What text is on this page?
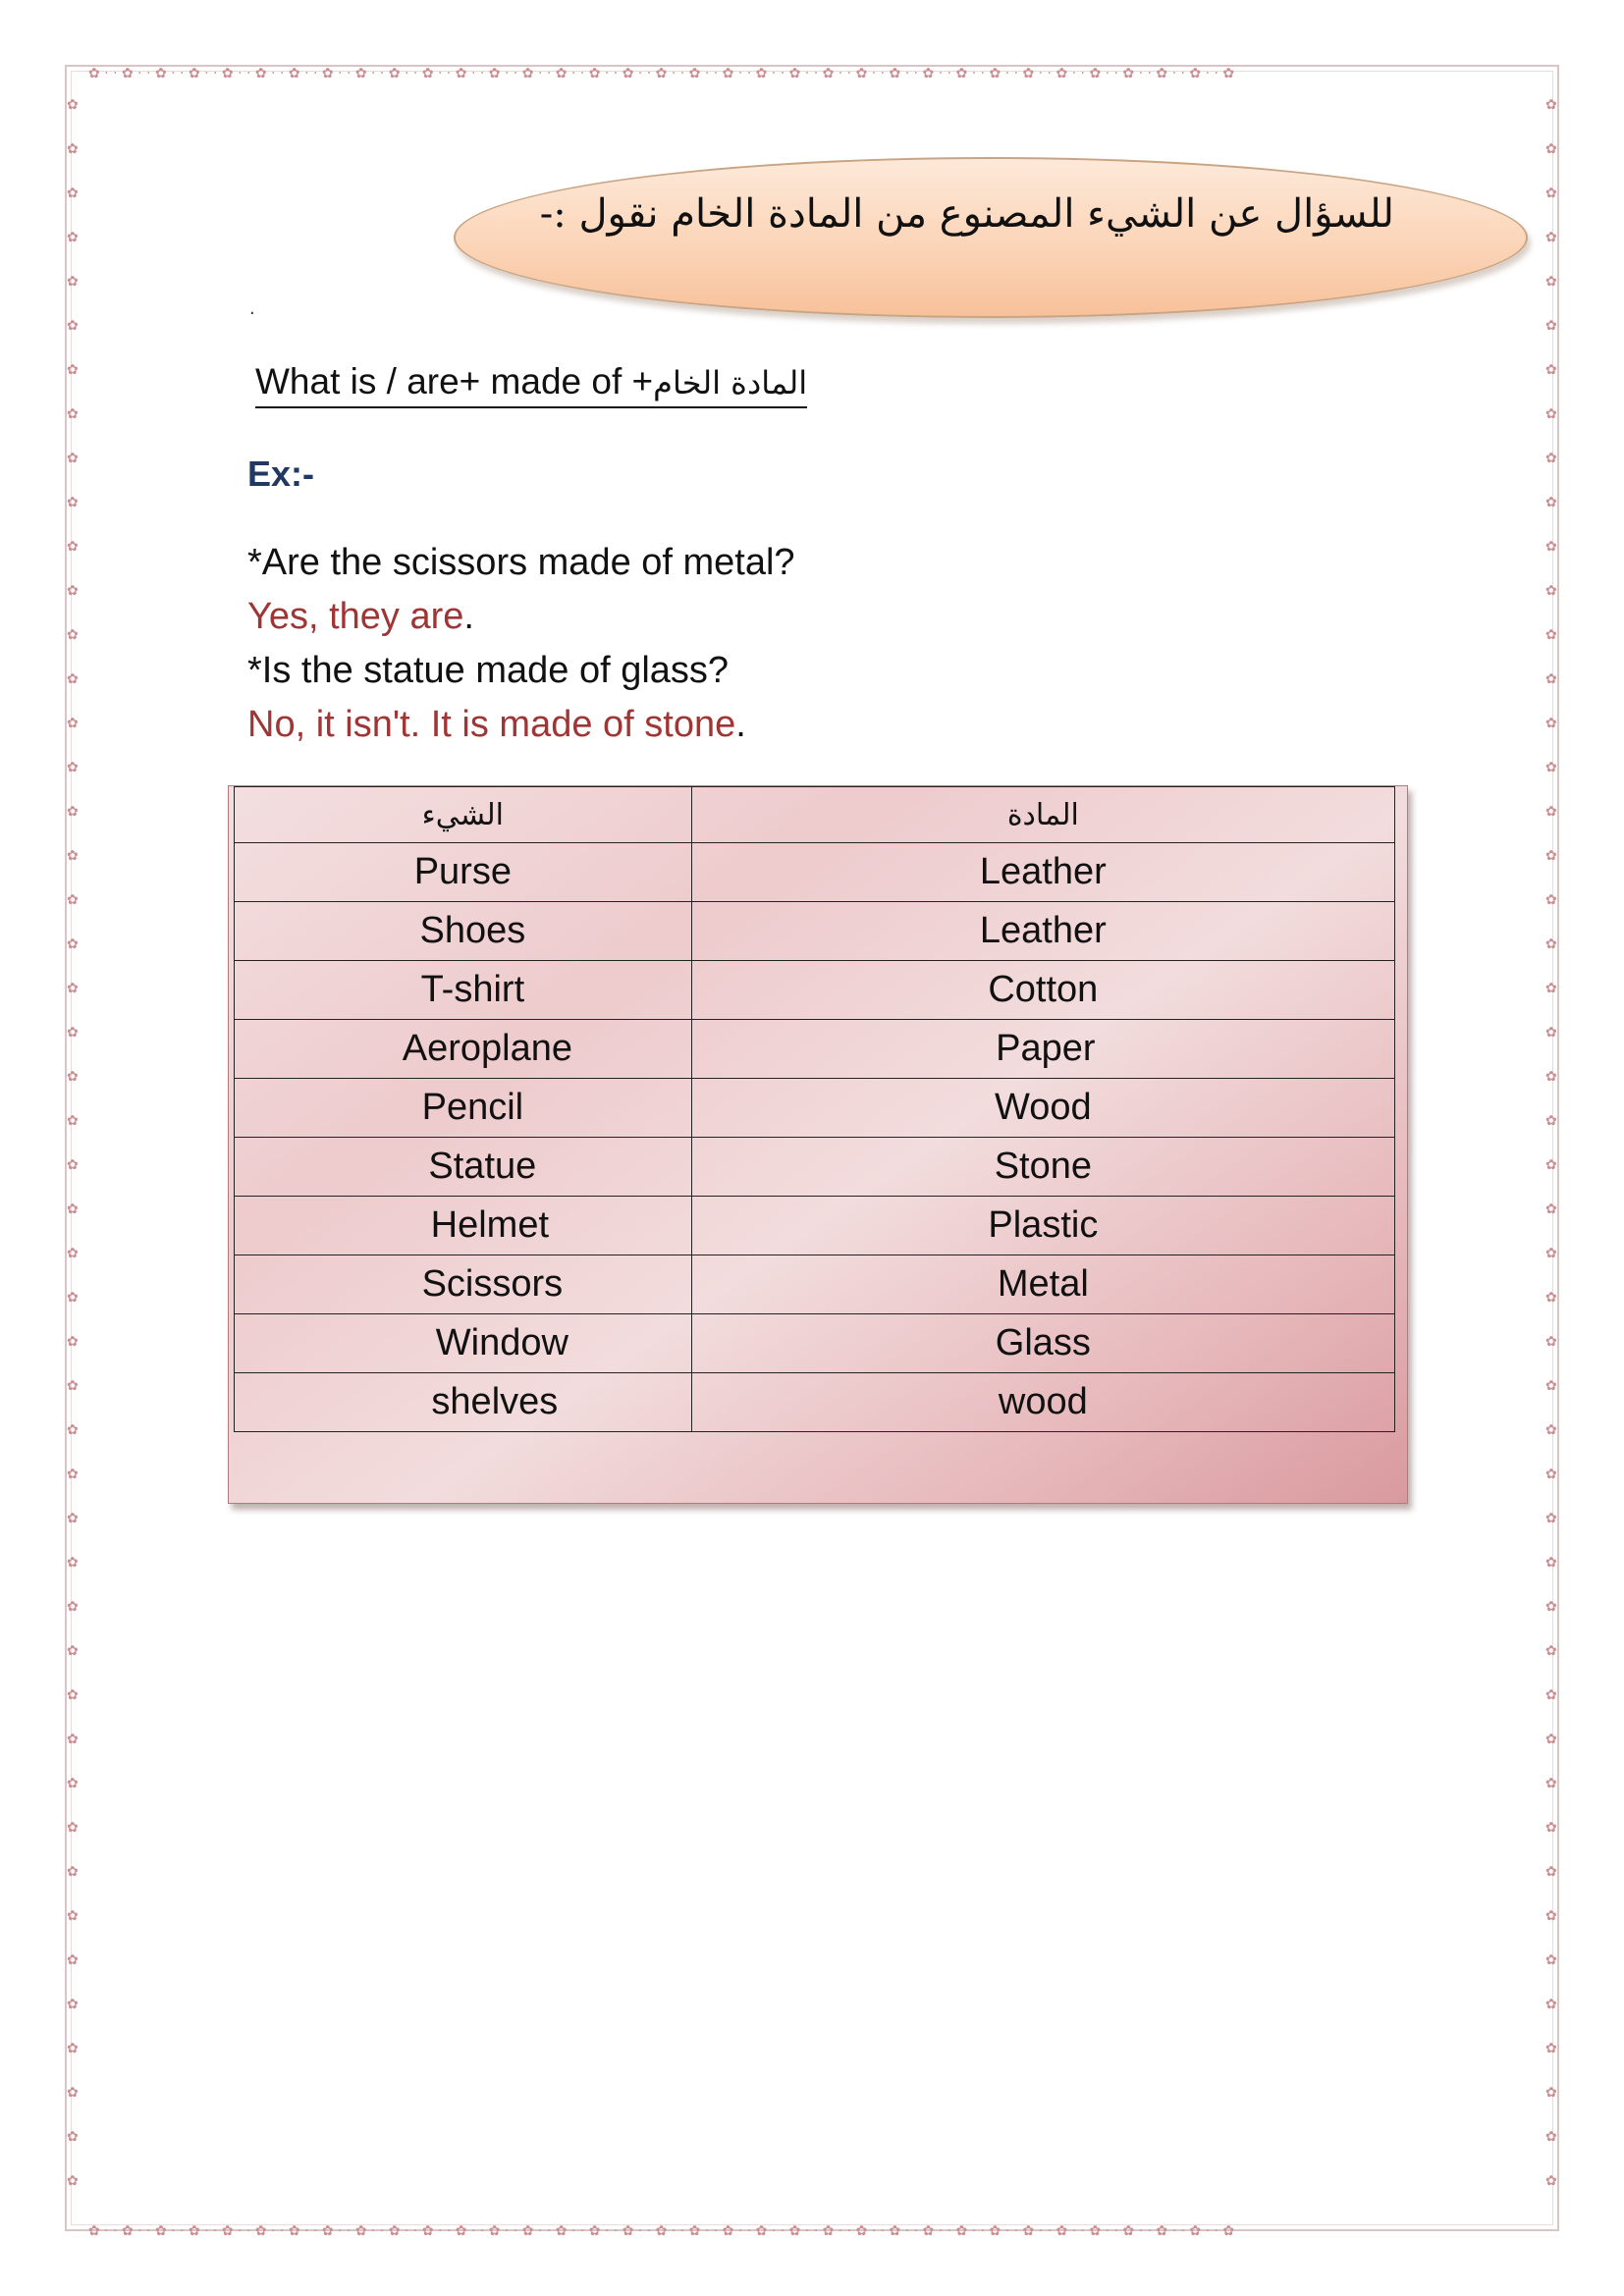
✿ · · ✿ · · ✿ · · ✿ · · ✿ · · ✿ · · ✿ · · ✿ · · ✿ · · ✿ · · ✿ · · ✿ · · ✿ · · ✿ · · ✿ · · ✿ · · ✿ · · ✿ · · ✿ · · ✿ · · ✿ · · ✿ · · ✿ · · ✿ · · ✿ · · ✿ · · ✿ · · ✿ · · ✿ · · ✿ · · ✿ · · ✿ · · ✿ · · ✿ · · ✿
✿ · · ✿ · · ✿ · · ✿ · · ✿ · · ✿ · · ✿ · · ✿ · · ✿ · · ✿ · · ✿ · · ✿ · · ✿ · · ✿ · · ✿ · · ✿ · · ✿ · · ✿ · · ✿ · · ✿ · · ✿ · · ✿ · · ✿ · · ✿ · · ✿ · · ✿ · · ✿ · · ✿ · · ✿ · · ✿ · · ✿ · · ✿ · · ✿ · · ✿ · · ✿
✿

✿

✿

✿

✿

✿

✿

✿

✿

✿

✿

✿

✿

✿

✿

✿

✿

✿

✿

✿

✿

✿

✿

✿

✿

✿

✿

✿

✿

✿

✿

✿

✿

✿

✿

✿

✿

✿

✿

✿

✿

✿

✿

✿

✿

✿

✿

✿

✿

✿

✿

✿

✿

✿

✿

✿

✿

✿

✿

✿

✿

✿

✿

✿

✿

✿

✿

✿

✿

✿

✿

✿

✿

✿

✿

✿

✿

✿

✿

✿

✿

✿

✿

✿

✿

✿

✿

✿

✿

✿

✿

✿

✿

✿

✿

✿

للسؤال عن الشيء المصنوع من المادة الخام نقول :-
.
What is / are+ made of +المادة الخام
Ex:-
*Are the scissors made of metal?
Yes, they are.
*Is the statue made of glass?
No, it isn't. It is made of stone.
الشيء	المادة
Purse	Leather
Shoes	Leather
T-shirt	Cotton
Aeroplane	Paper
Pencil	Wood
Statue	Stone
Helmet	Plastic
Scissors	Metal
Window	Glass
shelves	wood
